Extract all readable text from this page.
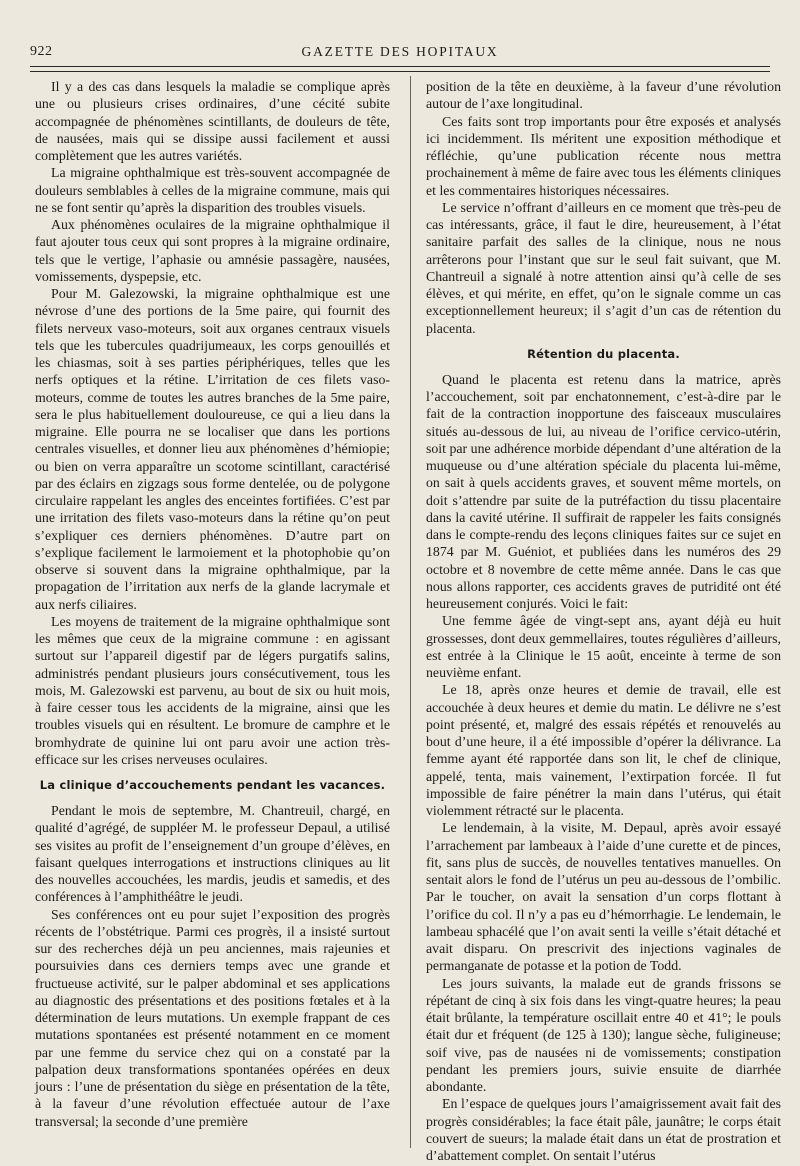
922	GAZETTE DES HOPITAUX

Il y a des cas dans lesquels la maladie se complique après une ou plusieurs crises ordinaires, d’une cécité subite accompagnée de phénomènes scintillants, de douleurs de tête, de nausées, mais qui se dissipe aussi facilement et aussi complètement que les autres variétés.

La migraine ophthalmique est très-souvent accompagnée de douleurs semblables à celles de la migraine commune, mais qui ne se font sentir qu’après la disparition des troubles visuels.

Aux phénomènes oculaires de la migraine ophthalmique il faut ajouter tous ceux qui sont propres à la migraine ordinaire, tels que le vertige, l’aphasie ou amnésie passagère, nausées, vomissements, dyspepsie, etc.

Pour M. Galezowski, la migraine ophthalmique est une névrose d’une des portions de la 5me paire, qui fournit des filets nerveux vaso-moteurs, soit aux organes centraux visuels tels que les tubercules quadrijumeaux, les corps genouillés et les chiasmas, soit à ses parties périphériques, telles que les nerfs optiques et la rétine. L’irritation de ces filets vaso-moteurs, comme de toutes les autres branches de la 5me paire, sera le plus habituellement douloureuse, ce qui a lieu dans la migraine. Elle pourra ne se localiser que dans les portions centrales visuelles, et donner lieu aux phénomènes d’hémiopie; ou bien on verra apparaître un scotome scintillant, caractérisé par des éclairs en zigzags sous forme dentelée, ou de polygone circulaire rappelant les angles des enceintes fortifiées. C’est par une irritation des filets vaso-moteurs dans la rétine qu’on peut s’expliquer ces derniers phénomènes. D’autre part on s’explique facilement le larmoiement et la photophobie qu’on observe si souvent dans la migraine ophthalmique, par la propagation de l’irritation aux nerfs de la glande lacrymale et aux nerfs ciliaires.

Les moyens de traitement de la migraine ophthalmique sont les mêmes que ceux de la migraine commune : en agissant surtout sur l’appareil digestif par de légers purgatifs salins, administrés pendant plusieurs jours consécutivement, tous les mois, M. Galezowski est parvenu, au bout de six ou huit mois, à faire cesser tous les accidents de la migraine, ainsi que les troubles visuels qui en résultent. Le bromure de camphre et le bromhydrate de quinine lui ont paru avoir une action très-efficace sur les crises nerveuses oculaires.

La clinique d’accouchements pendant les vacances.

Pendant le mois de septembre, M. Chantreuil, chargé, en qualité d’agrégé, de suppléer M. le professeur Depaul, a utilisé ses visites au profit de l’enseignement d’un groupe d’élèves, en faisant quelques interrogations et instructions cliniques au lit des nouvelles accouchées, les mardis, jeudis et samedis, et des conférences à l’amphithéâtre le jeudi.

Ses conférences ont eu pour sujet l’exposition des progrès récents de l’obstétrique. Parmi ces progrès, il a insisté surtout sur des recherches déjà un peu anciennes, mais rajeunies et poursuivies dans ces derniers temps avec une grande et fructueuse activité, sur le palper abdominal et ses applications au diagnostic des présentations et des positions fœtales et à la détermination de leurs mutations. Un exemple frappant de ces mutations spontanées est présenté notamment en ce moment par une femme du service chez qui on a constaté par la palpation deux transformations spontanées opérées en deux jours : l’une de présentation du siège en présentation de la tête, à la faveur d’une révolution effectuée autour de l’axe transversal; la seconde d’une première

position de la tête en deuxième, à la faveur d’une révolution autour de l’axe longitudinal.

Ces faits sont trop importants pour être exposés et analysés ici incidemment. Ils méritent une exposition méthodique et réfléchie, qu’une publication récente nous mettra prochainement à même de faire avec tous les éléments cliniques et les commentaires historiques nécessaires.

Le service n’offrant d’ailleurs en ce moment que très-peu de cas intéressants, grâce, il faut le dire, heureusement, à l’état sanitaire parfait des salles de la clinique, nous ne nous arrêterons pour l’instant que sur le seul fait suivant, que M. Chantreuil a signalé à notre attention ainsi qu’à celle de ses élèves, et qui mérite, en effet, qu’on le signale comme un cas exceptionnellement heureux; il s’agit d’un cas de rétention du placenta.

Rétention du placenta.

Quand le placenta est retenu dans la matrice, après l’accouchement, soit par enchatonnement, c’est-à-dire par le fait de la contraction inopportune des faisceaux musculaires situés au-dessous de lui, au niveau de l’orifice cervico-utérin, soit par une adhérence morbide dépendant d’une altération de la muqueuse ou d’une altération spéciale du placenta lui-même, on sait à quels accidents graves, et souvent même mortels, on doit s’attendre par suite de la putréfaction du tissu placentaire dans la cavité utérine. Il suffirait de rappeler les faits consignés dans le compte-rendu des leçons cliniques faites sur ce sujet en 1874 par M. Guéniot, et publiées dans les numéros des 29 octobre et 8 novembre de cette même année. Dans le cas que nous allons rapporter, ces accidents graves de putridité ont été heureusement conjurés. Voici le fait:

Une femme âgée de vingt-sept ans, ayant déjà eu huit grossesses, dont deux gemmellaires, toutes régulières d’ailleurs, est entrée à la Clinique le 15 août, enceinte à terme de son neuvième enfant.

Le 18, après onze heures et demie de travail, elle est accouchée à deux heures et demie du matin. Le délivre ne s’est point présenté, et, malgré des essais répétés et renouvelés au bout d’une heure, il a été impossible d’opérer la délivrance. La femme ayant été rapportée dans son lit, le chef de clinique, appelé, tenta, mais vainement, l’extirpation forcée. Il fut impossible de faire pénétrer la main dans l’utérus, qui était violemment rétracté sur le placenta.

Le lendemain, à la visite, M. Depaul, après avoir essayé l’arrachement par lambeaux à l’aide d’une curette et de pinces, fit, sans plus de succès, de nouvelles tentatives manuelles. On sentait alors le fond de l’utérus un peu au-dessous de l’ombilic. Par le toucher, on avait la sensation d’un corps flottant à l’orifice du col. Il n’y a pas eu d’hémorrhagie. Le lendemain, le lambeau sphacélé que l’on avait senti la veille s’était détaché et avait disparu. On prescrivit des injections vaginales de permanganate de potasse et la potion de Todd.

Les jours suivants, la malade eut de grands frissons se répétant de cinq à six fois dans les vingt-quatre heures; la peau était brûlante, la température oscillait entre 40 et 41°; le pouls était dur et fréquent (de 125 à 130); langue sèche, fuligineuse; soif vive, pas de nausées ni de vomissements; constipation pendant les premiers jours, suivie ensuite de diarrhée abondante.

En l’espace de quelques jours l’amaigrissement avait fait des progrès considérables; la face était pâle, jaunâtre; le corps était couvert de sueurs; la malade était dans un état de prostration et d’abattement complet. On sentait l’utérus
